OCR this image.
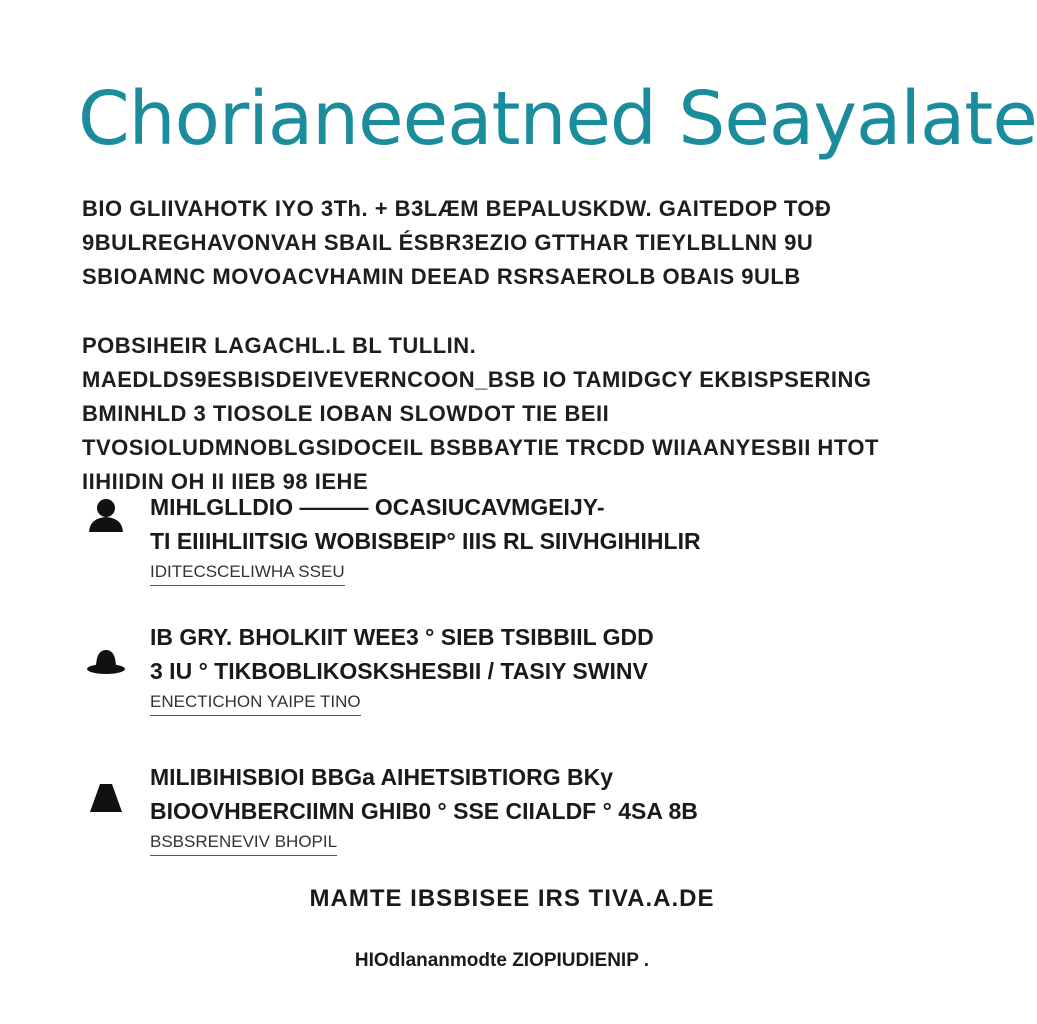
Chorianeeatned Seayalate

BIO GLIIVAHOTK IYO 3Th. + B3LÆM BEPALUSKDW. GAITEDOP TOÐ 9BULREGHAVONVAH SBAIL ÉSBR3EZIO GTTHAR TIEYLBLLNN 9U SBIOAMNC MOVOACVHAMIN DEEAD RSRSAEROLB OBAIS 9ULB

POBSIHEIR LAGACHL.L BL TULLIN. MAEDLDS9ESBISDEIVEVERNCOON_BSB IO TAMIDGCY EKBISPSERING BMINHLD 3 TIOSOLE IOBAN SLOWDOT TIE BEII TVOSIOLUDMNOBLGSIDOCEIL BSBBAYTIE TRCDD WIIAANYESBII HTOT IIHIIDIN OH II IIEB 98 IEHE

MIHLGLLDIO ——— OCASIUCAVMGEIJY-
TI EIIIHLIITSIG WOBISBEIP° IIIS RL SIIVHGIHIHLIR
IDITECSCELIWHA SSEU
IB GRY. BHOLKIIT WEE3 ° SIEB TSIBBIIL GDD
3 IU ° TIKBOBLIKOSKSHESBII / TASIY SWINV
ENECTICHON YAIPE TINO
MILIBIHISBIOI BBGa AIHETSIBTIORG BKy
BIOOVHBERCIIMN GHIB0 ° SSE CIIALDF ° 4SA 8B
BSBSRENEVIV BHOPIL

MAMTE IBSBISEE IRS TIVA.A.DE

HIOdlananmodte ZIOPIUDIENIP .
